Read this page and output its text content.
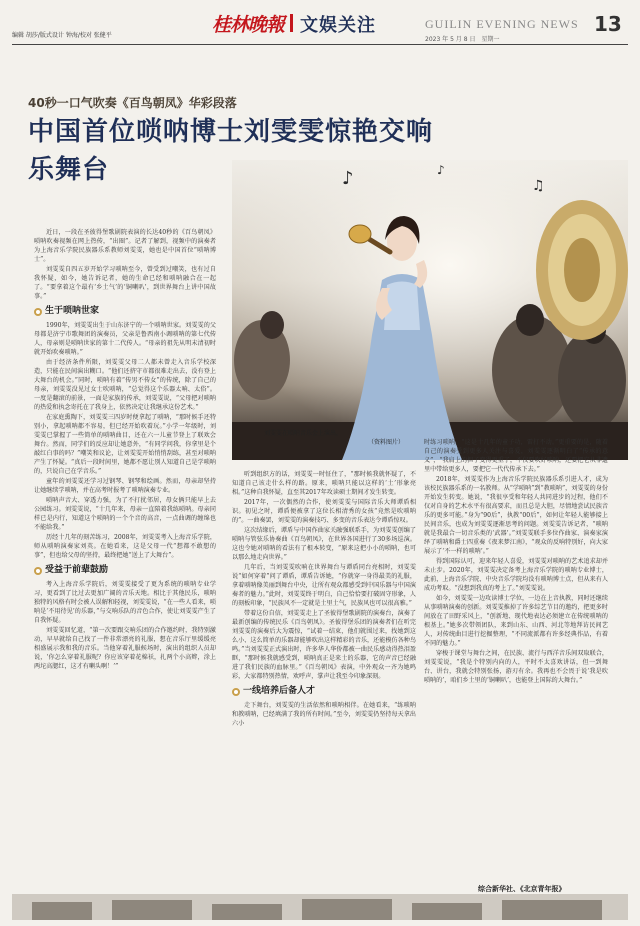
编辑 胡莎/版式设计 钟海/校对 张健平	桂林晚報 文娱关注	GUILIN EVENING NEWS 13
2023 年 5 月 8 日　星期一
40秒一口气吹奏《百鸟朝凤》华彩段落
中国首位唢呐博士刘雯雯惊艳交响乐舞台	♪	♫
♪
刘雯雯在唢呐音乐会上演出。
（资料图片）

近日，一段在圣彼得堡歌剧院表演的长达40秒的《百鸟朝凤》唢呐吹奏视频在网上热传，“出圈”。记者了解到，视频中的演奏者为上海音乐学院民族器乐系教师刘雯雯，她也是中国首位“唢呐博士”。

刘雯雯自四五岁开始学习唢呐至今，曾受到过嘲笑，也有过自我怀疑，如今，她告诉记者，她的生命已经和唢呐融合在一起了。“要拿着这个最有‘乡土气’的‘铜喇叭’，到世界舞台上讲中国故事。”

生于唢呐世家

1990年，刘雯雯出生于山东济宁的一个唢呐世家。刘雯雯的父母都是济宁市歌舞团的演奏员，父亲是鲁西南小调唢呐的第七代传人，母亲则是唢呐世家的第十二代传人。“母亲的祖先从明末清初时就开始吹奏唢呐。”

由于经济条件所限，刘雯雯父母二人都未曾走入音乐学校深造，只能在民间演出糊口。“他们还挤守市都很难走出去，没有登上大舞台的机会。”同时，唢呐有着“传男不传女”的传统，除了自己的母亲，刘雯雯没见过女士吹唢呐，“总觉得这个乐器太响、太俗”。一度是翻滚的前景，一面是家族的传承，刘雯雯说，“父母把对唢呐的热爱和执念寄托在了我身上，依然决定让我继承这份艺术。”

在家庭熏陶下，刘雯雯三四岁时便拿起了唢呐，“那时候手还特别小，拿起唢呐都不容易，但已经开始吹着玩。”小学一年级时，刘雯雯已掌握了一些简单的唢呐曲目，还在六一儿童节登上了联欢会舞台。然而，同学们的反应却让她意外，“有同学问我，你拿里是个敲红白事的吗？”嘲笑和议论，让刘雯雯开始悄悄刮练，甚至对唢呐产生了怀疑。“真后一段时间里，她都不愿让别人知道自己是学唢呐的，只说自己在学音乐。”

童年的刘雯雯还学习过钢琴、钢琴和绘画。然而，母亲却坚持让她继续学唢呐，并在高考时报考了唢呐演奏专业。

唢呐声音大、穿透力强，为了不打扰邻居，母女俩只能早上去公园练习。刘雯雯说，“十几年来，母亲一直陪着我练唢呐。母亲同样已是内行，知道这个唢呐的一个个音的高音，一点曲调的缠绵也不能给我。”

历经十几年的刻苦练习，2008年，刘雯雯考入上海音乐学院，师从唢呐演奏家刘英。在她看来，这是父母一代“想都不敢想的事”，但也给父母的坚持，最终把她“送上了大舞台”。

受益于前辈鼓励

考入上海音乐学院后，刘雯雯接受了更为系统的唢呐专业学习，更看到了比过去更加广阔的音乐天地。相比于其他民乐，唢呐独特的风格有时会被人误解和轻视，刘雯雯说，“在一些人看来，唢呐是‘不用待见’的乐器，”与交响乐队的音色合作，使让刘雯雯产生了自我怀疑。

刘雯雯回忆道，“第一次要跟交响乐团的合作邀约时，我特别激动，早早就给自己找了一件非常漂亮的礼服，想在音乐厅里缓缓亮相盛展示我和我的音乐。当他穿着礼服候场时，演出的组织人员却说，‘你怎么穿着礼服呢？你应该穿着花棉袄，扎两个小高辫，涂上两坨高腮红，这才有喇头啊！’”

听到组织方的话，刘雯雯一时怔住了，“那时候我就怀疑了，不知道自己该走什么样的路。原来，唢呐只能以这样的‘土’形象亮相。”这种自我怀疑，直至其2017年攻读硕士期间才发生转变。

2017年，一次偶然的合作，使刘雯雯与国际音乐大师谭盾相识。初见之时，谭盾便被拿了这位长相清秀的女孩“竟然是吹唢呐的”。一曲奏罢，刘雯雯的演奏技巧、多变的音乐表达令谭盾惊叹。

这次结缘后，谭盾与中国作曲家关融强联系手，为刘雯雯创编了唢呐与管弦乐协奏曲《百鸟朝凤》，在世界各国进行了30多场巡演。这也令她对唢呐的看法有了根本转变，“原来这把小小的唢呐，也可以那么地走向世界。”

几年后，当刘雯雯吹响在世界舞台与谭盾同台亮相时，刘雯雯说“如何穿着”问了谭盾，谭盾告诉她，“你就穿一身得最美的礼服，拿着唢呐像美丽到舞台中央，让所有观众都感受到中国乐器与中国演奏者的魅力。”此时，刘雯雯终于明白，自己恰恰要打破固守形象，人的刻板印象，“民族风不一定就是土里土气，民族风也可以很高雅。”

带着这份自信，刘雯雯走上了圣彼得堡歌剧院的演奏台，演奏了最新创编的传统民乐《百鸟朝凤》。圣彼得堡乐团的演奏者们在听完刘雯雯的演奏后大为震惊，“试着一结束，他们就围过来，找她到这么小、这么简单的乐器却能够吹出这样精彩的音乐，还能模仿各种鸟鸣。”当刘雯雯正式演出时，许多华人华侨都被一曲民乐感动得热泪盈眶，“那时候我就感受到，唢呐真正是来土的乐器，它的声音已经融进了我们民族的血脉里。”《百鸟朝凤》表演，中外观众一齐为她鸣彩，大家都特别热情，欢呼声，掌声让我至今印象深刻。

一线培养后备人才

走下舞台，刘雯雯的生活依然和唢呐相伴。在她看来，“练唢呐和教唢呐，已经填满了我的所有时间。”至今，刘雯雯仍坚持每天拿出六小

时练习唢呐，“这是十几年的童子功，雷打不动。”更重要的是，随着自己的演奏受到更多人关注与喜爱，刘雯雯逐渐明白了“传承的意义”，“我肩上的担子变得更重了，不仅要吹好唢呐，还要把它从非遗里中带给更多人，要把它一代代传承下去。”

2018年，刘雯雯作为上海音乐学院民族器乐系引进人才，成为该校民族器乐系的一名教师。从“学唢呐”到“教唢呐”，刘雯雯的身份开始发生转变。她说，“我很享受和年轻人共同进步的过程，他们不仅对自身的艺术水平有很高要求，而且总是大胆，尽情地尝试民族音乐的更多可能。”身为“90后”，执教“00后”，如何让年轻人能够接上民间音乐，也成为刘雯雯逐渐思考的问题。刘雯雯告诉记者，“唢呐就是我最合一切音乐类的‘武器’。”刘雯雯联手多位作曲家、演奏家演绎了唢呐和爵士四重奏《夜来梦江南》，“观众的反响特别好，向大家展示了‘不一样的唢呐’。”

得到国际认可，迎来年轻人喜爱，刘雯雯对唢呐的艺术追求却并未止步。2020年，刘雯雯决定备考上海音乐学院的唢呐专业博士，此前，上海音乐学院、中央音乐学院均没有唢呐博士点，但从来有人成功考取。“没想到我真的考上了。”刘雯雯说。

如今，刘雯雯一边攻读博士学位，一边在上音执教，同时还继续从事唢呐演奏的创新。刘雯雯推掉了许多综艺节目的邀约，把更多时间放在了田野采风上，“创新地、现代地表达必须建立在传统唢呐的根基上。”她多次带领团队，来到山东、山西、河北等地拜访民间艺人，对传统曲目进行挖掘整理，“不同流派都有许多经典作品，有着不同的魅力。”

穿梭于课堂与舞台之间，在民族、流行与西洋音乐间双取联合，刘雯雯说，“我是个特别内向的人，平时不太喜欢讲话，但一到舞台、讲台，我就会特别张扬，游刃有余。我再也不会畏于说‘我是吹唢呐的’，咱们乡土里的‘铜喇叭’，也能登上国际的大舞台。”

综合新华社、《北京青年报》
